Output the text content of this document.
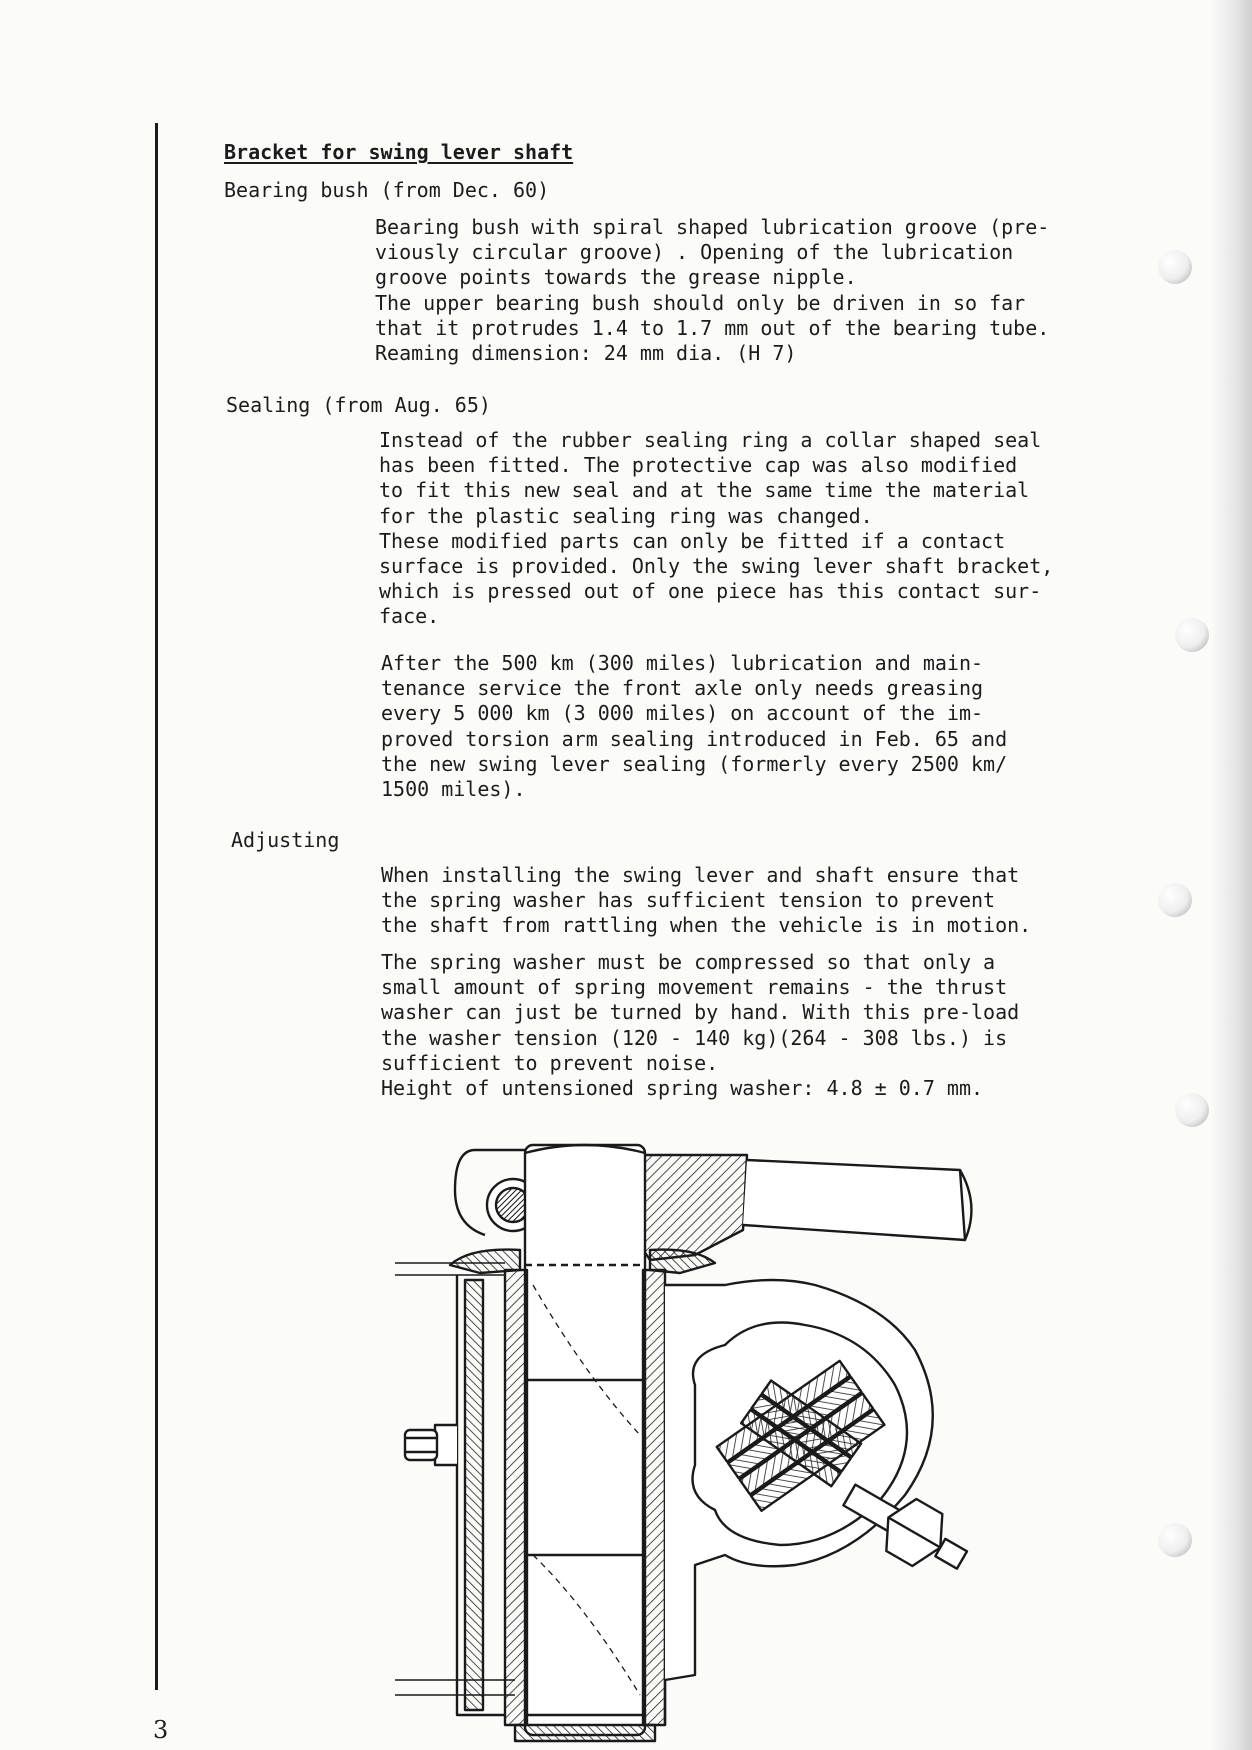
Bracket for swing lever shaft
Bearing bush (from Dec. 60)
Bearing bush with spiral shaped lubrication groove (pre-
viously circular groove) . Opening of the lubrication
groove points towards the grease nipple.
The upper bearing bush should only be driven in so far
that it protrudes 1.4 to 1.7 mm out of the bearing tube.
Reaming dimension: 24 mm dia. (H 7)
Sealing (from Aug. 65)
Instead of the rubber sealing ring a collar shaped seal
has been fitted. The protective cap was also modified
to fit this new seal and at the same time the material
for the plastic sealing ring was changed.
These modified parts can only be fitted if a contact
surface is provided. Only the swing lever shaft bracket,
which is pressed out of one piece has this contact sur-
face.
After the 500 km (300 miles) lubrication and main-
tenance service the front axle only needs greasing
every 5 000 km (3 000 miles) on account of the im-
proved torsion arm sealing introduced in Feb. 65 and
the new swing lever sealing (formerly every 2500 km/
1500 miles).
Adjusting
When installing the swing lever and shaft ensure that
the spring washer has sufficient tension to prevent
the shaft from rattling when the vehicle is in motion.
The spring washer must be compressed so that only a
small amount of spring movement remains - the thrust
washer can just be turned by hand. With this pre-load
the washer tension (120 - 140 kg)(264 - 308 lbs.) is
sufficient to prevent noise.
Height of untensioned spring washer: 4.8 ± 0.7 mm.
3
